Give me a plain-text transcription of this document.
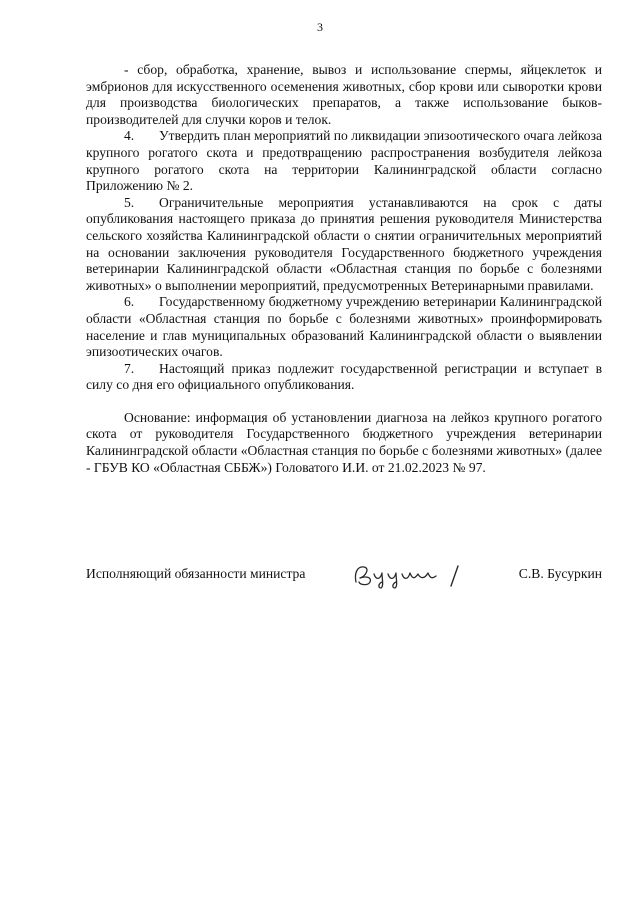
3

- сбор, обработка, хранение, вывоз и использование спермы, яйцеклеток и эмбрионов для искусственного осеменения животных, сбор крови или сыворотки крови для производства биологических препаратов, а также использование быков-производителей для случки коров и телок.

4. Утвердить план мероприятий по ликвидации эпизоотического очага лейкоза крупного рогатого скота и предотвращению распространения возбудителя лейкоза крупного рогатого скота на территории Калининградской области согласно Приложению № 2.

5. Ограничительные мероприятия устанавливаются на срок с даты опубликования настоящего приказа до принятия решения руководителя Министерства сельского хозяйства Калининградской области о снятии ограничительных мероприятий на основании заключения руководителя Государственного бюджетного учреждения ветеринарии Калининградской области «Областная станция по борьбе с болезнями животных» о выполнении мероприятий, предусмотренных Ветеринарными правилами.

6. Государственному бюджетному учреждению ветеринарии Калининградской области «Областная станция по борьбе с болезнями животных» проинформировать население и глав муниципальных образований Калининградской области о выявлении эпизоотических очагов.

7. Настоящий приказ подлежит государственной регистрации и вступает в силу со дня его официального опубликования.

Основание: информация об установлении диагноза на лейкоз крупного рогатого скота от руководителя Государственного бюджетного учреждения ветеринарии Калининградской области «Областная станция по борьбе с болезнями животных» (далее - ГБУВ КО «Областная СББЖ») Головатого И.И. от 21.02.2023 № 97.

Исполняющий обязанности министра	С.В. Бусуркин
